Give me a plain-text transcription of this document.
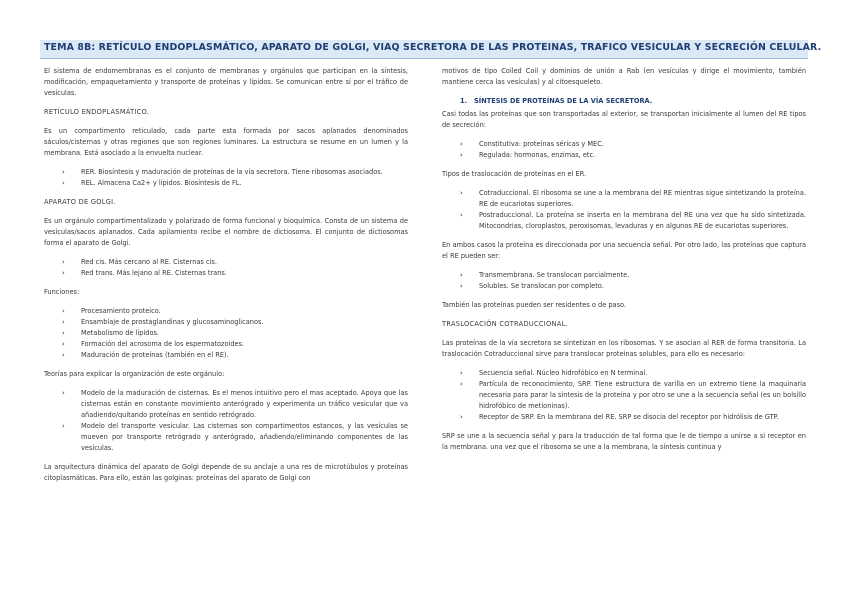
TEMA 8B: RETÍCULO ENDOPLASMÁTICO, APARATO DE GOLGI, VIAQ SECRETORA DE LAS PROTEINAS, TRAFICO VESICULAR Y SECRECIÓN CELULAR.

El sistema de endomembranas es el conjunto de membranas y orgánulos que participan en la síntesis, modificación, empaquetamiento y transporte de proteínas y lípidos. Se comunican entre sí por el tráfico de vesículas.

RETÍCULO ENDOPLASMÁTICO.

Es un compartimento reticulado, cada parte esta formada por sacos aplanados denominados sáculos/cisternas y otras regiones que son regiones luminares. La estructura se resume en un lumen y la membrana. Está asociado a la envuelta nuclear.

› RER. Biosíntesis y maduración de proteínas de la vía secretora. Tiene ribosomas asociados.
› REL. Almacena Ca2+ y lípidos. Biosíntesis de FL.
APARATO DE GOLGI.

Es un orgánulo compartimentalizado y polarizado de forma funcional y bioquímica. Consta de un sistema de vesículas/sacos aplanados. Cada apilamiento recibe el nombre de dictiosoma. El conjunto de dictiosomas forma el aparato de Golgi.

› Red cis. Más cercano al RE. Cisternas cis.
› Red trans. Más lejano al RE. Cisternas trans.

Funciones:

› Procesamiento proteico.
› Ensamblaje de prostaglandinas y glucosaminoglicanos.
› Metabolismo de lípidos.
› Formación del acrosoma de los espermatozoides.
› Maduración de proteínas (también en el RE).

Teorías para explicar la organización de este orgánulo:

› Modelo de la maduración de cisternas. Es el menos intuitivo pero el mas aceptado. Apoya que las cisternas están en constante movimiento anterógrado y experimenta un tráfico vesicular que va añadiendo/quitando proteínas en sentido retrógrado.
› Modelo del transporte vesicular. Las cisternas son compartimentos estancos, y las vesículas se mueven por transporte retrógrado y anterógrado, añadiendo/eliminando componentes de las vesículas.

La arquitectura dinámica del aparato de Golgi depende de su anclaje a una res de microtúbulos y proteínas citoplasmáticas. Para ello, están las golginas: proteínas del aparato de Golgi con

motivos de tipo Coiled Coil y dominios de unión a Rab (en vesículas y dirige el movimiento, también mantiene cerca las vesículas) y al citoesqueleto.

1. SÍNTESIS DE PROTEÍNAS DE LA VÍA SECRETORA.

Casi todas las proteínas que son transportadas al exterior, se transportan inicialmente al lumen del RE tipos de secreción:

› Constitutiva: proteínas séricas y MEC.
› Regulada: hormonas, enzimas, etc.

Tipos de traslocación de proteínas en el ER.

› Cotraduccional. El ribosoma se une a la membrana del RE mientras sigue sintetizando la proteína. RE de eucariotas superiores.
› Postraduccional. La proteína se inserta en la membrana del RE una vez que ha sido sintetizada. Mitocondrias, cloroplastos, peroxisomas, levaduras y en algunos RE de eucariotas superiores.

En ambos casos la proteína es direccionada por una secuencia señal. Por otro lado, las proteínas que captura el RE pueden ser:

› Transmembrana. Se translocan parcialmente.
› Solubles. Se translocan por completo.

También las proteínas pueden ser residentes o de paso.

TRASLOCACIÓN COTRADUCCIONAL.

Las proteínas de la vía secretora se sintetizan en los ribosomas. Y se asocian al RER de forma transitoria. La traslocación Cotraduccional sirve para translocar proteínas solubles, para ello es necesario:

› Secuencia señal. Núcleo hidrofóbico en N terminal.
› Partícula de reconocimiento, SRP. Tiene estructura de varilla en un extremo tiene la maquinaria necesaria para parar la síntesis de la proteína y por otro se une a la secuencia señal (es un bolsillo hidrofóbico de metioninas).
› Receptor de SRP. En la membrana del RE. SRP se disocia del receptor por hidrólisis de GTP.

SRP se une a la secuencia señal y para la traducción de tal forma que le de tiempo a unirse a si receptor en la membrana. una vez que el ribosoma se une a la membrana, la síntesis continua y
